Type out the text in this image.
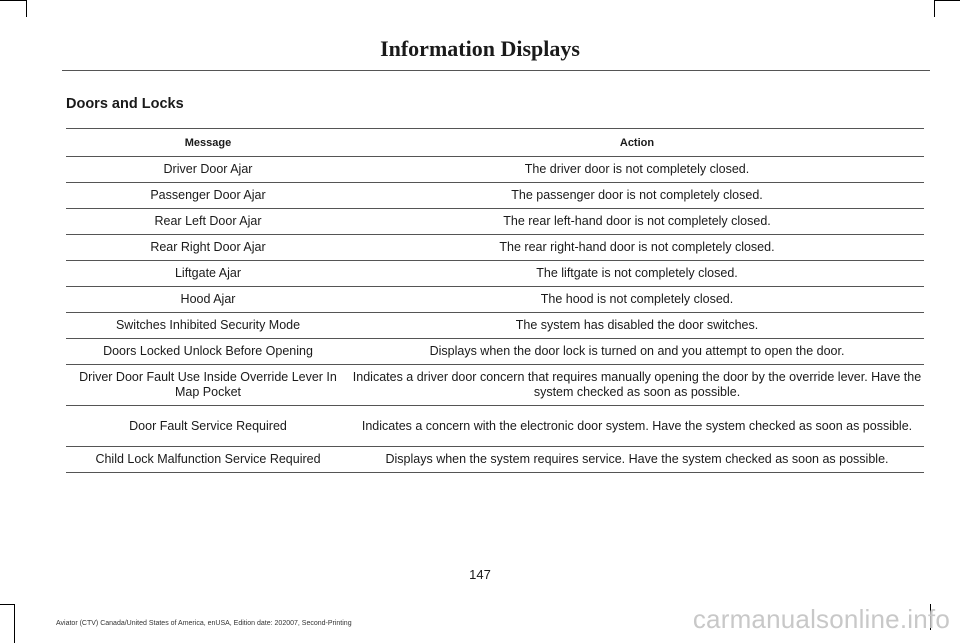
Information Displays
Doors and Locks
Message	Action
Driver Door Ajar	The driver door is not completely closed.
Passenger Door Ajar	The passenger door is not completely closed.
Rear Left Door Ajar	The rear left-hand door is not completely closed.
Rear Right Door Ajar	The rear right-hand door is not completely closed.
Liftgate Ajar	The liftgate is not completely closed.
Hood Ajar	The hood is not completely closed.
Switches Inhibited Security Mode	The system has disabled the door switches.
Doors Locked Unlock Before Opening	Displays when the door lock is turned on and you attempt to open the door.
Driver Door Fault Use Inside Override Lever In Map Pocket	Indicates a driver door concern that requires manually opening the door by the override lever. Have the system checked as soon as possible.
Door Fault Service Required	Indicates a concern with the electronic door system. Have the system checked as soon as possible.
Child Lock Malfunction Service Required	Displays when the system requires service. Have the system checked as soon as possible.
147
Aviator (CTV) Canada/United States of America, enUSA, Edition date: 202007, Second-Printing	carmanualsonline.info
